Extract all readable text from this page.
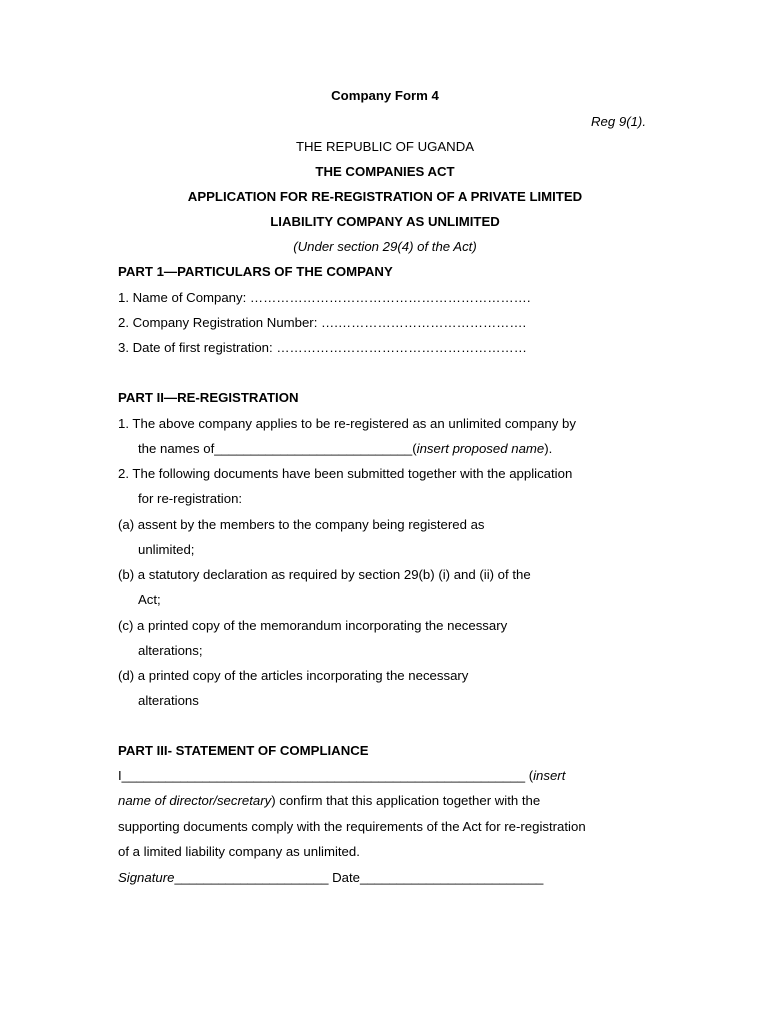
Company Form 4
Reg 9(1).
THE REPUBLIC OF UGANDA
THE COMPANIES ACT
APPLICATION FOR RE-REGISTRATION OF A PRIVATE LIMITED
LIABILITY COMPANY AS UNLIMITED
(Under section 29(4) of the Act)
PART 1—PARTICULARS OF THE COMPANY
1. Name of Company: ……………………………………………………….
2. Company Registration Number: ….…………………………………….
3. Date of first registration: …………………………………………………
PART II—RE-REGISTRATION
1. The above company applies to be re-registered as an unlimited company by
the names of___________________________(insert proposed name).
2. The following documents have been submitted together with the application
for re-registration:
(a) assent by the members to the company being registered as
unlimited;
(b) a statutory declaration as required by section 29(b) (i) and (ii) of the
Act;
(c) a printed copy of the memorandum incorporating the necessary
alterations;
(d) a printed copy of the articles incorporating the necessary
alterations
PART III- STATEMENT OF COMPLIANCE
I_______________________________________________________ (insert
name of director/secretary) confirm that this application together with the
supporting documents comply with the requirements of the Act for re-registration
of a limited liability company as unlimited.
Signature_____________________ Date_________________________
